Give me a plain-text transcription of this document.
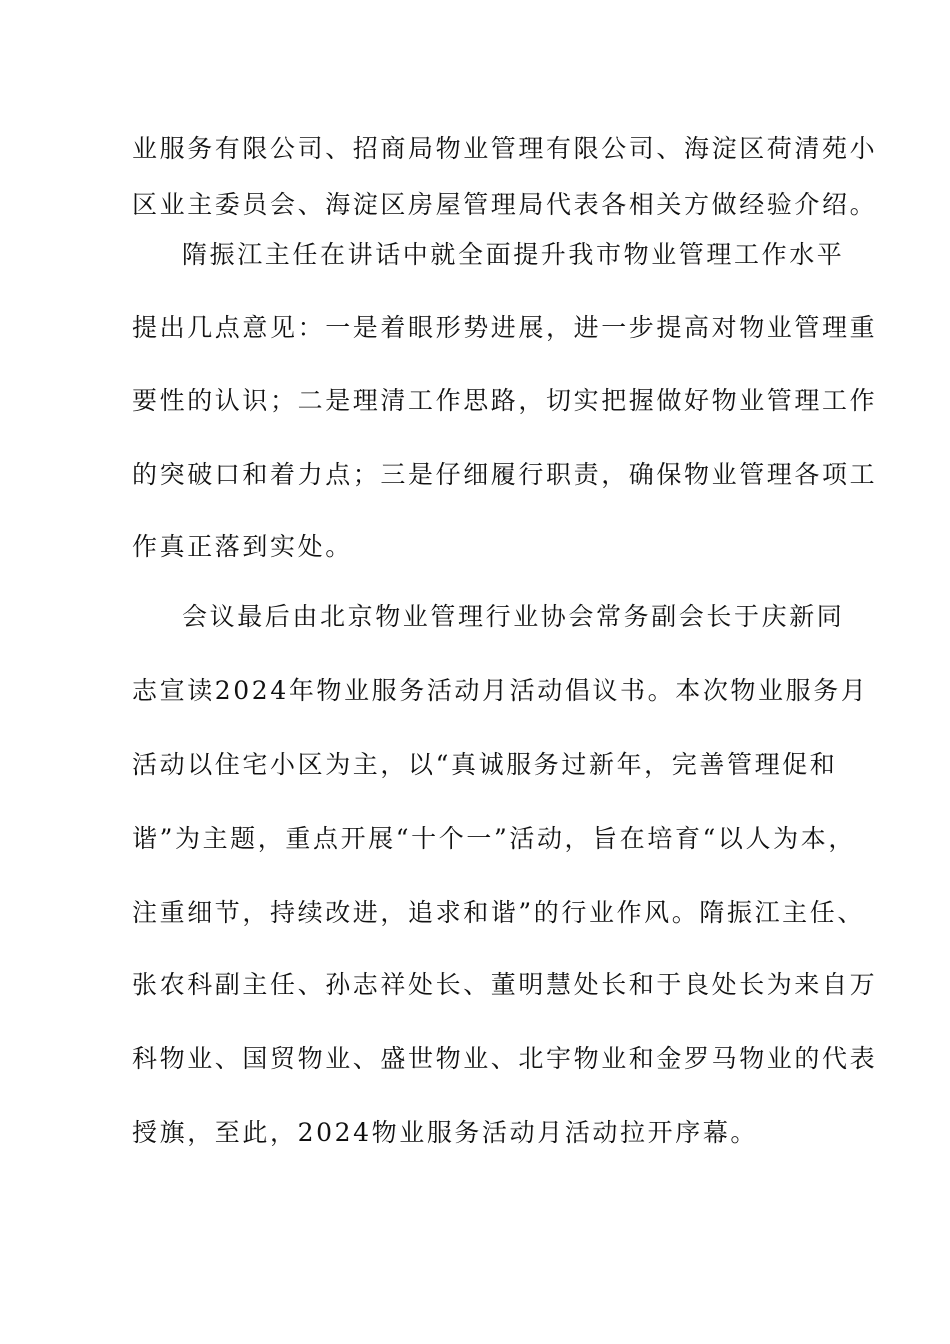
业服务有限公司、招商局物业管理有限公司、海淀区荷清苑小

区业主委员会、海淀区房屋管理局代表各相关方做经验介绍。

隋振江主任在讲话中就全面提升我市物业管理工作水平

提出几点意见：一是着眼形势进展，进一步提高对物业管理重

要性的认识；二是理清工作思路，切实把握做好物业管理工作

的突破口和着力点；三是仔细履行职责，确保物业管理各项工

作真正落到实处。

会议最后由北京物业管理行业协会常务副会长于庆新同

志宣读2024年物业服务活动月活动倡议书。本次物业服务月

活动以住宅小区为主，以“真诚服务过新年，完善管理促和

谐”为主题，重点开展“十个一”活动，旨在培育“以人为本，

注重细节，持续改进，追求和谐”的行业作风。隋振江主任、

张农科副主任、孙志祥处长、董明慧处长和于良处长为来自万

科物业、国贸物业、盛世物业、北宇物业和金罗马物业的代表

授旗，至此，2024物业服务活动月活动拉开序幕。
